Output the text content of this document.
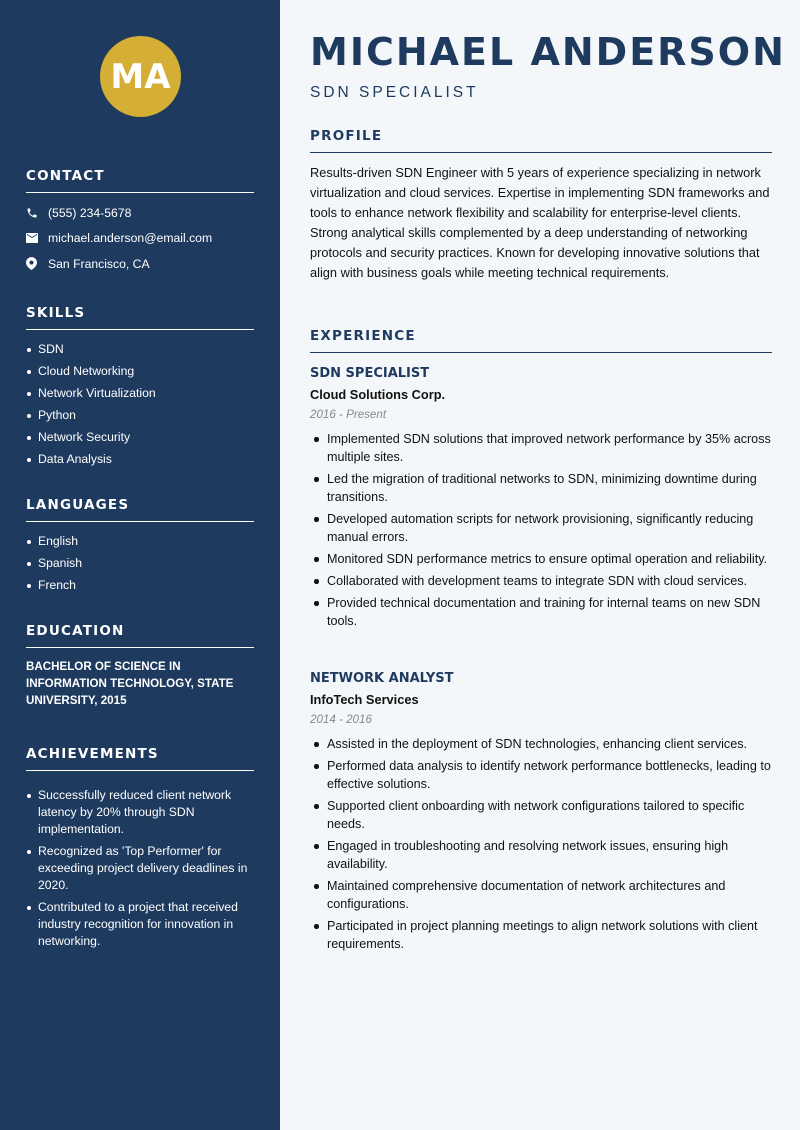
MA
CONTACT
(555) 234-5678
michael.anderson@email.com
San Francisco, CA
SKILLS
SDN
Cloud Networking
Network Virtualization
Python
Network Security
Data Analysis
LANGUAGES
English
Spanish
French
EDUCATION
BACHELOR OF SCIENCE IN INFORMATION TECHNOLOGY, STATE UNIVERSITY, 2015
ACHIEVEMENTS
Successfully reduced client network latency by 20% through SDN implementation.
Recognized as 'Top Performer' for exceeding project delivery deadlines in 2020.
Contributed to a project that received industry recognition for innovation in networking.
MICHAEL ANDERSON
SDN SPECIALIST
PROFILE
Results-driven SDN Engineer with 5 years of experience specializing in network virtualization and cloud services. Expertise in implementing SDN frameworks and tools to enhance network flexibility and scalability for enterprise-level clients. Strong analytical skills complemented by a deep understanding of networking protocols and security practices. Known for developing innovative solutions that align with business goals while meeting technical requirements.
EXPERIENCE
SDN SPECIALIST
Cloud Solutions Corp.
2016 - Present
Implemented SDN solutions that improved network performance by 35% across multiple sites.
Led the migration of traditional networks to SDN, minimizing downtime during transitions.
Developed automation scripts for network provisioning, significantly reducing manual errors.
Monitored SDN performance metrics to ensure optimal operation and reliability.
Collaborated with development teams to integrate SDN with cloud services.
Provided technical documentation and training for internal teams on new SDN tools.
NETWORK ANALYST
InfoTech Services
2014 - 2016
Assisted in the deployment of SDN technologies, enhancing client services.
Performed data analysis to identify network performance bottlenecks, leading to effective solutions.
Supported client onboarding with network configurations tailored to specific needs.
Engaged in troubleshooting and resolving network issues, ensuring high availability.
Maintained comprehensive documentation of network architectures and configurations.
Participated in project planning meetings to align network solutions with client requirements.
